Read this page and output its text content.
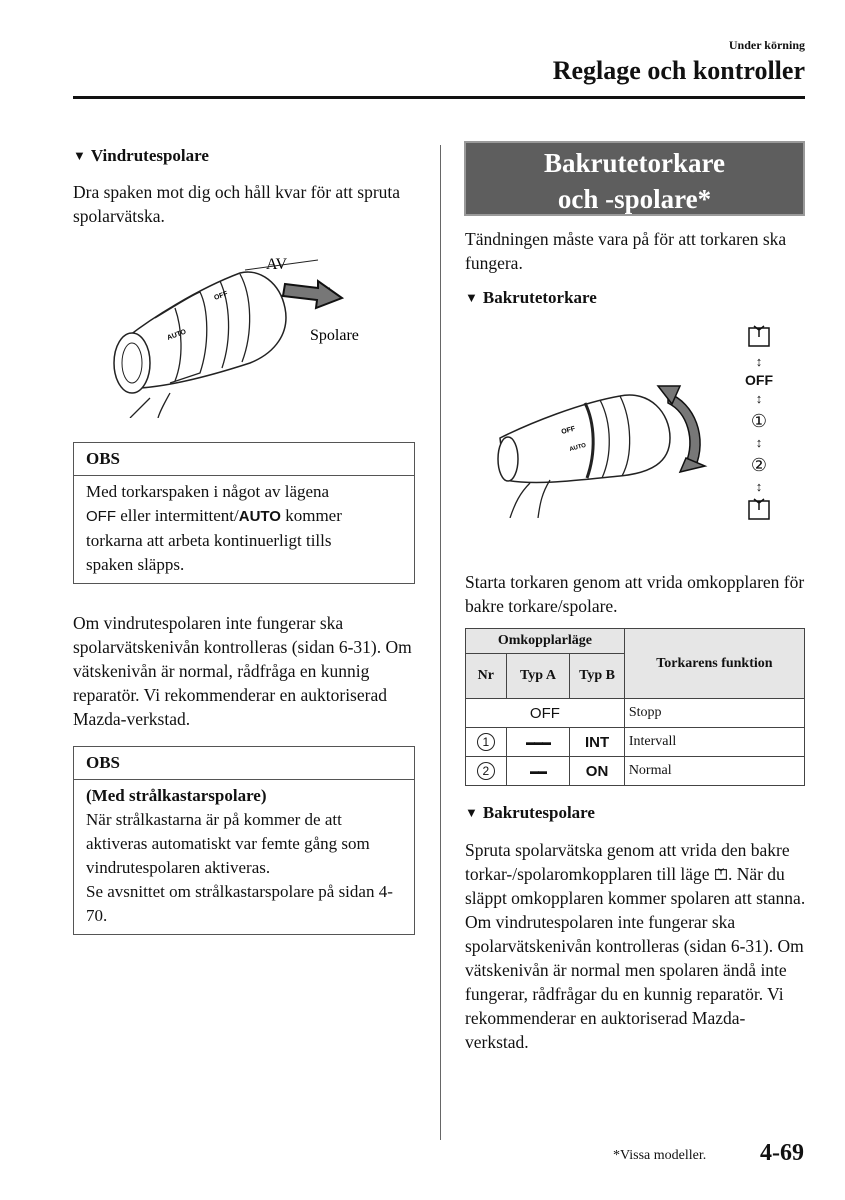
Under körning
Reglage och kontroller
▼ Vindrutespolare
Dra spaken mot dig och håll kvar för att spruta spolarvätska.
AV
Spolare
OFF
AUTO
OBS
Med torkarspaken i något av lägena
OFF eller intermittent/AUTO kommer
torkarna att arbeta kontinuerligt tills
spaken släpps.
Om vindrutespolaren inte fungerar ska spolarvätskenivån kontrolleras (sidan 6-31). Om vätskenivån är normal, rådfråga en kunnig reparatör. Vi rekommenderar en auktoriserad Mazda-verkstad.
OBS
(Med strålkastarspolare)
När strålkastarna är på kommer de att aktiveras automatiskt var femte gång som vindrutespolaren aktiveras.
Se avsnittet om strålkastarspolare på sidan 4-70.
Bakrutetorkare
och -spolare*
Tändningen måste vara på för att torkaren ska fungera.
▼ Bakrutetorkare
OFF
AUTO
↕
OFF
↕
①
↕
②
↕
Starta torkaren genom att vrida omkopplaren för bakre torkare/spolare.
Omkopplarläge			Torkarens funktion
Nr	Typ A	Typ B	
OFF			Stopp
1	▬▬▬	INT	Intervall
2	▬▬	ON	Normal
▼ Bakrutespolare
Spruta spolarvätska genom att vrida den bakre torkar-/spolaromkopplaren till läge . När du släppt omkopplaren kommer spolaren att stanna.
Om vindrutespolaren inte fungerar ska spolarvätskenivån kontrolleras (sidan 6-31). Om vätskenivån är normal men spolaren ändå inte fungerar, rådfrågar du en kunnig reparatör. Vi rekommenderar en auktoriserad Mazda-verkstad.
*Vissa modeller. 4-69
